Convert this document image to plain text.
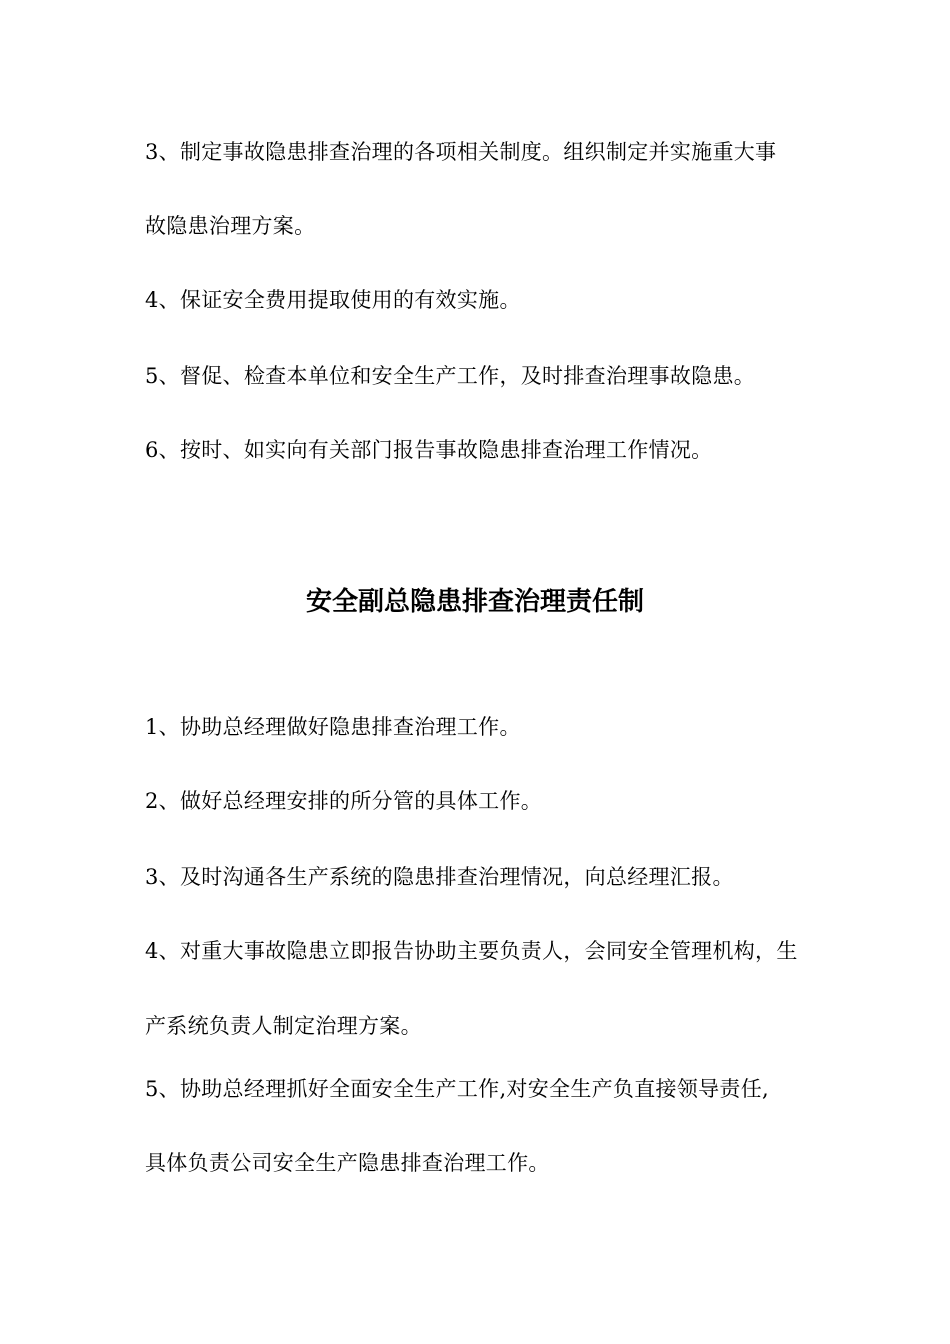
3、制定事故隐患排查治理的各项相关制度。组织制定并实施重大事
故隐患治理方案。
4、保证安全费用提取使用的有效实施。
5、督促、检查本单位和安全生产工作，及时排查治理事故隐患。
6、按时、如实向有关部门报告事故隐患排查治理工作情况。
安全副总隐患排查治理责任制
1、协助总经理做好隐患排查治理工作。
2、做好总经理安排的所分管的具体工作。
3、及时沟通各生产系统的隐患排查治理情况，向总经理汇报。
4、对重大事故隐患立即报告协助主要负责人，会同安全管理机构，生
产系统负责人制定治理方案。
5、协助总经理抓好全面安全生产工作,对安全生产负直接领导责任,
具体负责公司安全生产隐患排查治理工作。
